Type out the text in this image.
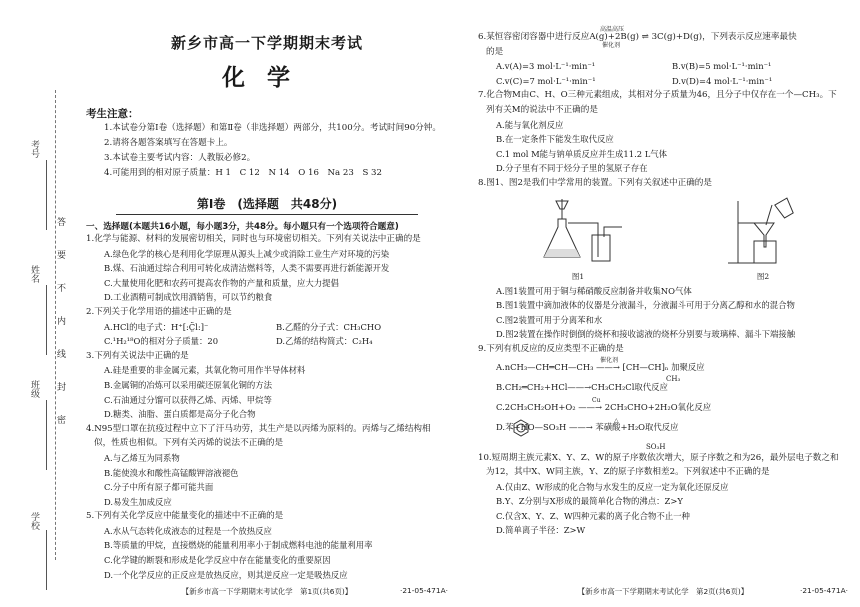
考号
姓名
班级
学校
答
要
不
内
线
封
密
新乡市高一下学期期末考试
化学
考生注意：
1.本试卷分第Ⅰ卷（选择题）和第Ⅱ卷（非选择题）两部分，共100分。考试时间90分钟。
2.请将各题答案填写在答题卡上。
3.本试卷主要考试内容：人教版必修2。
4.可能用到的相对原子质量：H 1　C 12　N 14　O 16　Na 23　S 32
第Ⅰ卷　(选择题　共48分)
一、选择题(本题共16小题，每小题3分，共48分。每小题只有一个选项符合题意)
1.化学与能源、材料的发展密切相关，同时也与环境密切相关。下列有关说法中正确的是
A.绿色化学的核心是利用化学原理从源头上减少或消除工业生产对环境的污染
B.煤、石油通过综合利用可转化成清洁燃料等，人类不需要再进行新能源开发
C.大量使用化肥和农药可提高农作物的产量和质量，应大力提倡
D.工业酒精可制成饮用酒销售，可以节约粮食
2.下列关于化学用语的描述中正确的是
A.HCl的电子式：H⁺[:C̤̈l:]⁻	B.乙醛的分子式：CH₃CHO
C.¹H₂¹⁸O的相对分子质量：20	D.乙烯的结构简式：C₂H₄
3.下列有关说法中正确的是
A.硅是重要的非金属元素，其氧化物可用作半导体材料
B.金属铜的冶炼可以采用碳还原氧化铜的方法
C.石油通过分馏可以获得乙烯、丙烯、甲烷等
D.糖类、油脂、蛋白质都是高分子化合物
4.N95型口罩在抗疫过程中立下了汗马功劳，其生产是以丙烯为原料的。丙烯与乙烯结构相
似，性质也相似。下列有关丙烯的说法不正确的是
A.与乙烯互为同系物
B.能使溴水和酸性高锰酸钾溶液褪色
C.分子中所有原子都可能共面
D.易发生加成反应
5.下列有关化学反应中能量变化的描述中不正确的是
A.水从气态转化成液态的过程是一个放热反应
B.等质量的甲烷，直接燃烧的能量利用率小于制成燃料电池的能量利用率
C.化学键的断裂和形成是化学反应中存在能量变化的重要原因
D.一个化学反应的正反应是放热反应，则其逆反应一定是吸热反应
【新乡市高一下学期期末考试化学　第1页(共6页)】	·21-05-471A·
6.某恒容密闭容器中进行反应A(g)+2B(g) ⇌ 3C(g)+D(g)，下列表示反应速率最快
高温高压
催化剂
的是
A.v(A)=3 mol·L⁻¹·min⁻¹	B.v(B)=5 mol·L⁻¹·min⁻¹
C.v(C)=7 mol·L⁻¹·min⁻¹	D.v(D)=4 mol·L⁻¹·min⁻¹
7.化合物M由C、H、O三种元素组成，其相对分子质量为46，且分子中仅存在一个—CH₃。下
列有关M的说法中不正确的是
A.能与氧化剂反应
B.在一定条件下能发生取代反应
C.1 mol M能与钠单质反应并生成11.2 L气体
D.分子里有不同于烃分子里的氢原子存在
8.图1、图2是我们中学常用的装置。下列有关叙述中正确的是
图1	图2
A.图1装置可用于铜与稀硝酸反应制备并收集NO气体
B.图1装置中滴加液体的仪器是分液漏斗，分液漏斗可用于分离乙醇和水的混合物
C.图2装置可用于分离苯和水
D.图2装置在操作时倒倒的烧杯和接收滤液的烧杯分别要与玻璃棒、漏斗下端接触
9.下列有机反应的反应类型不正确的是
A.nCH₃—CH═CH—CH₃ ——→ [CH—CH]ₙ 加聚反应
催化剂
CH₃
B.CH₂═CH₂+HCl——→CH₃CH₂Cl取代反应
C.2CH₃CH₂OH+O₂ ——→ 2CH₃CHO+2H₂O氧化反应
Cu
D.苯+HO—SO₃H ——→ 苯磺酸+H₂O取代反应
△
SO₃H
10.短周期主族元素X、Y、Z、W的原子序数依次增大，原子序数之和为26，最外层电子数之和
为12，其中X、W同主族，Y、Z的原子序数相差2。下列叙述中不正确的是
A.仅由Z、W形成的化合物与水发生的反应一定为氧化还原反应
B.Y、Z分别与X形成的最简单化合物的沸点：Z>Y
C.仅含X、Y、Z、W四种元素的离子化合物不止一种
D.简单离子半径：Z>W
【新乡市高一下学期期末考试化学　第2页(共6页)】	·21-05-471A·
